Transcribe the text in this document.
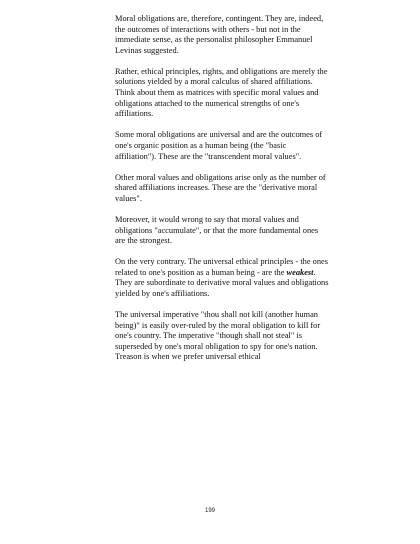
Moral obligations are, therefore, contingent. They are, indeed, the outcomes of interactions with others - but not in the immediate sense, as the personalist philosopher Emmanuel Levinas suggested.

Rather, ethical principles, rights, and obligations are merely the solutions yielded by a moral calculus of shared affiliations. Think about them as matrices with specific moral values and obligations attached to the numerical strengths of one's affiliations.

Some moral obligations are universal and are the outcomes of one's organic position as a human being (the "basic affiliation"). These are the "transcendent moral values".

Other moral values and obligations arise only as the number of shared affiliations increases. These are the "derivative moral values".

Moreover, it would wrong to say that moral values and obligations "accumulate", or that the more fundamental ones are the strongest.

On the very contrary. The universal ethical principles - the ones related to one's position as a human being - are the weakest. They are subordinate to derivative moral values and obligations yielded by one's affiliations.

The universal imperative "thou shall not kill (another human being)" is easily over-ruled by the moral obligation to kill for one's country. The imperative "though shall not steal" is superseded by one's moral obligation to spy for one's nation. Treason is when we prefer universal ethical

199
